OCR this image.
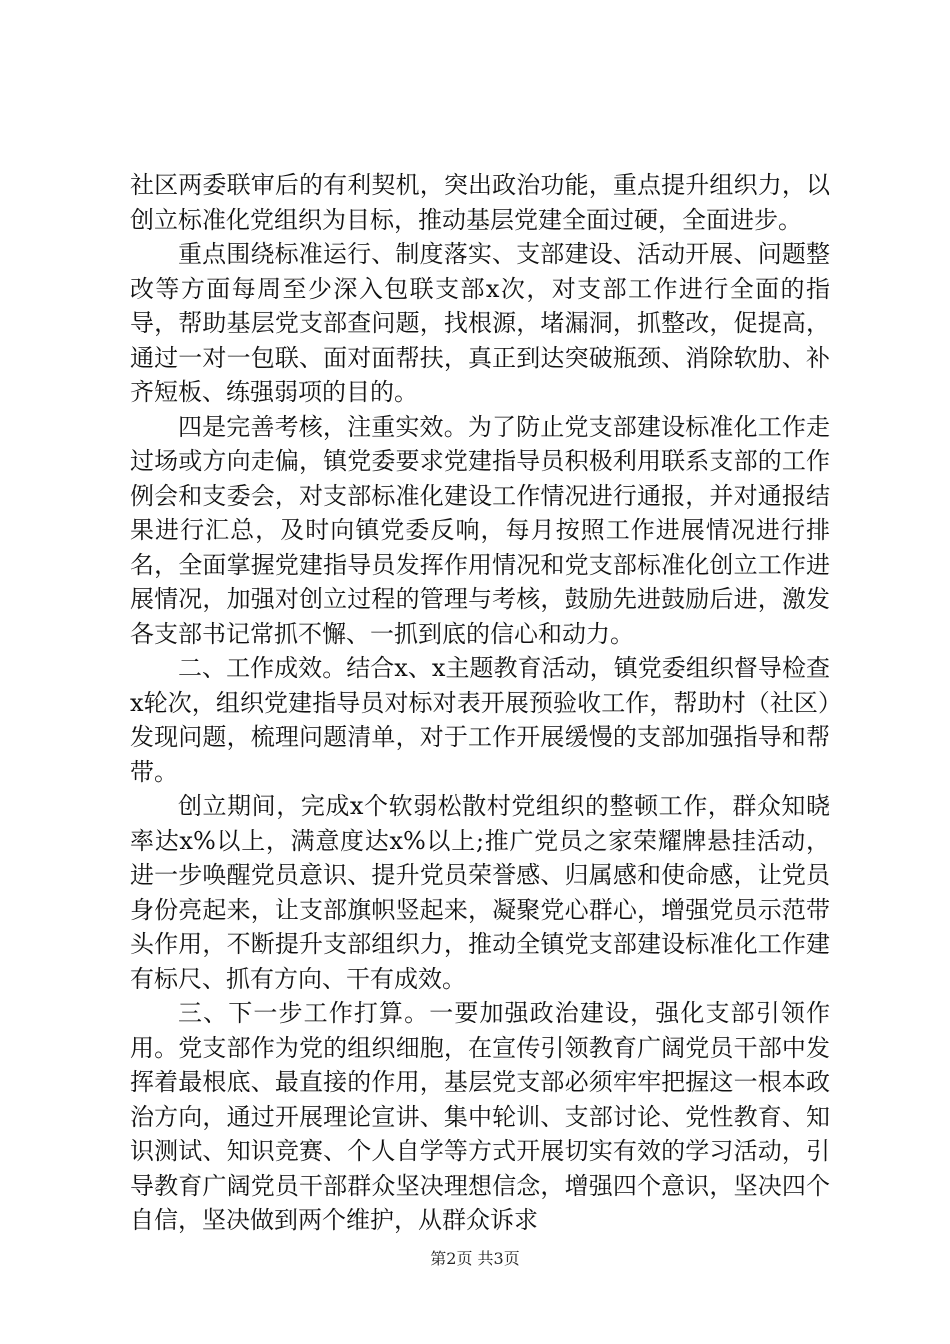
社区两委联审后的有利契机，突出政治功能，重点提升组织力，以创立标准化党组织为目标，推动基层党建全面过硬，全面进步。

重点围绕标准运行、制度落实、支部建设、活动开展、问题整改等方面每周至少深入包联支部x次，对支部工作进行全面的指导，帮助基层党支部查问题，找根源，堵漏洞，抓整改，促提高，通过一对一包联、面对面帮扶，真正到达突破瓶颈、消除软肋、补齐短板、练强弱项的目的。

四是完善考核，注重实效。为了防止党支部建设标准化工作走过场或方向走偏，镇党委要求党建指导员积极利用联系支部的工作例会和支委会，对支部标准化建设工作情况进行通报，并对通报结果进行汇总，及时向镇党委反响，每月按照工作进展情况进行排名，全面掌握党建指导员发挥作用情况和党支部标准化创立工作进展情况，加强对创立过程的管理与考核，鼓励先进鼓励后进，激发各支部书记常抓不懈、一抓到底的信心和动力。

二、工作成效。结合x、x主题教育活动，镇党委组织督导检查x轮次，组织党建指导员对标对表开展预验收工作，帮助村（社区）发现问题，梳理问题清单，对于工作开展缓慢的支部加强指导和帮带。

创立期间，完成x个软弱松散村党组织的整顿工作，群众知晓率达x%以上，满意度达x%以上;推广党员之家荣耀牌悬挂活动，进一步唤醒党员意识、提升党员荣誉感、归属感和使命感，让党员身份亮起来，让支部旗帜竖起来，凝聚党心群心，增强党员示范带头作用，不断提升支部组织力，推动全镇党支部建设标准化工作建有标尺、抓有方向、干有成效。

三、下一步工作打算。一要加强政治建设，强化支部引领作用。党支部作为党的组织细胞，在宣传引领教育广阔党员干部中发挥着最根底、最直接的作用，基层党支部必须牢牢把握这一根本政治方向，通过开展理论宣讲、集中轮训、支部讨论、党性教育、知识测试、知识竞赛、个人自学等方式开展切实有效的学习活动，引导教育广阔党员干部群众坚决理想信念，增强四个意识，坚决四个自信，坚决做到两个维护，从群众诉求

第2页 共3页
